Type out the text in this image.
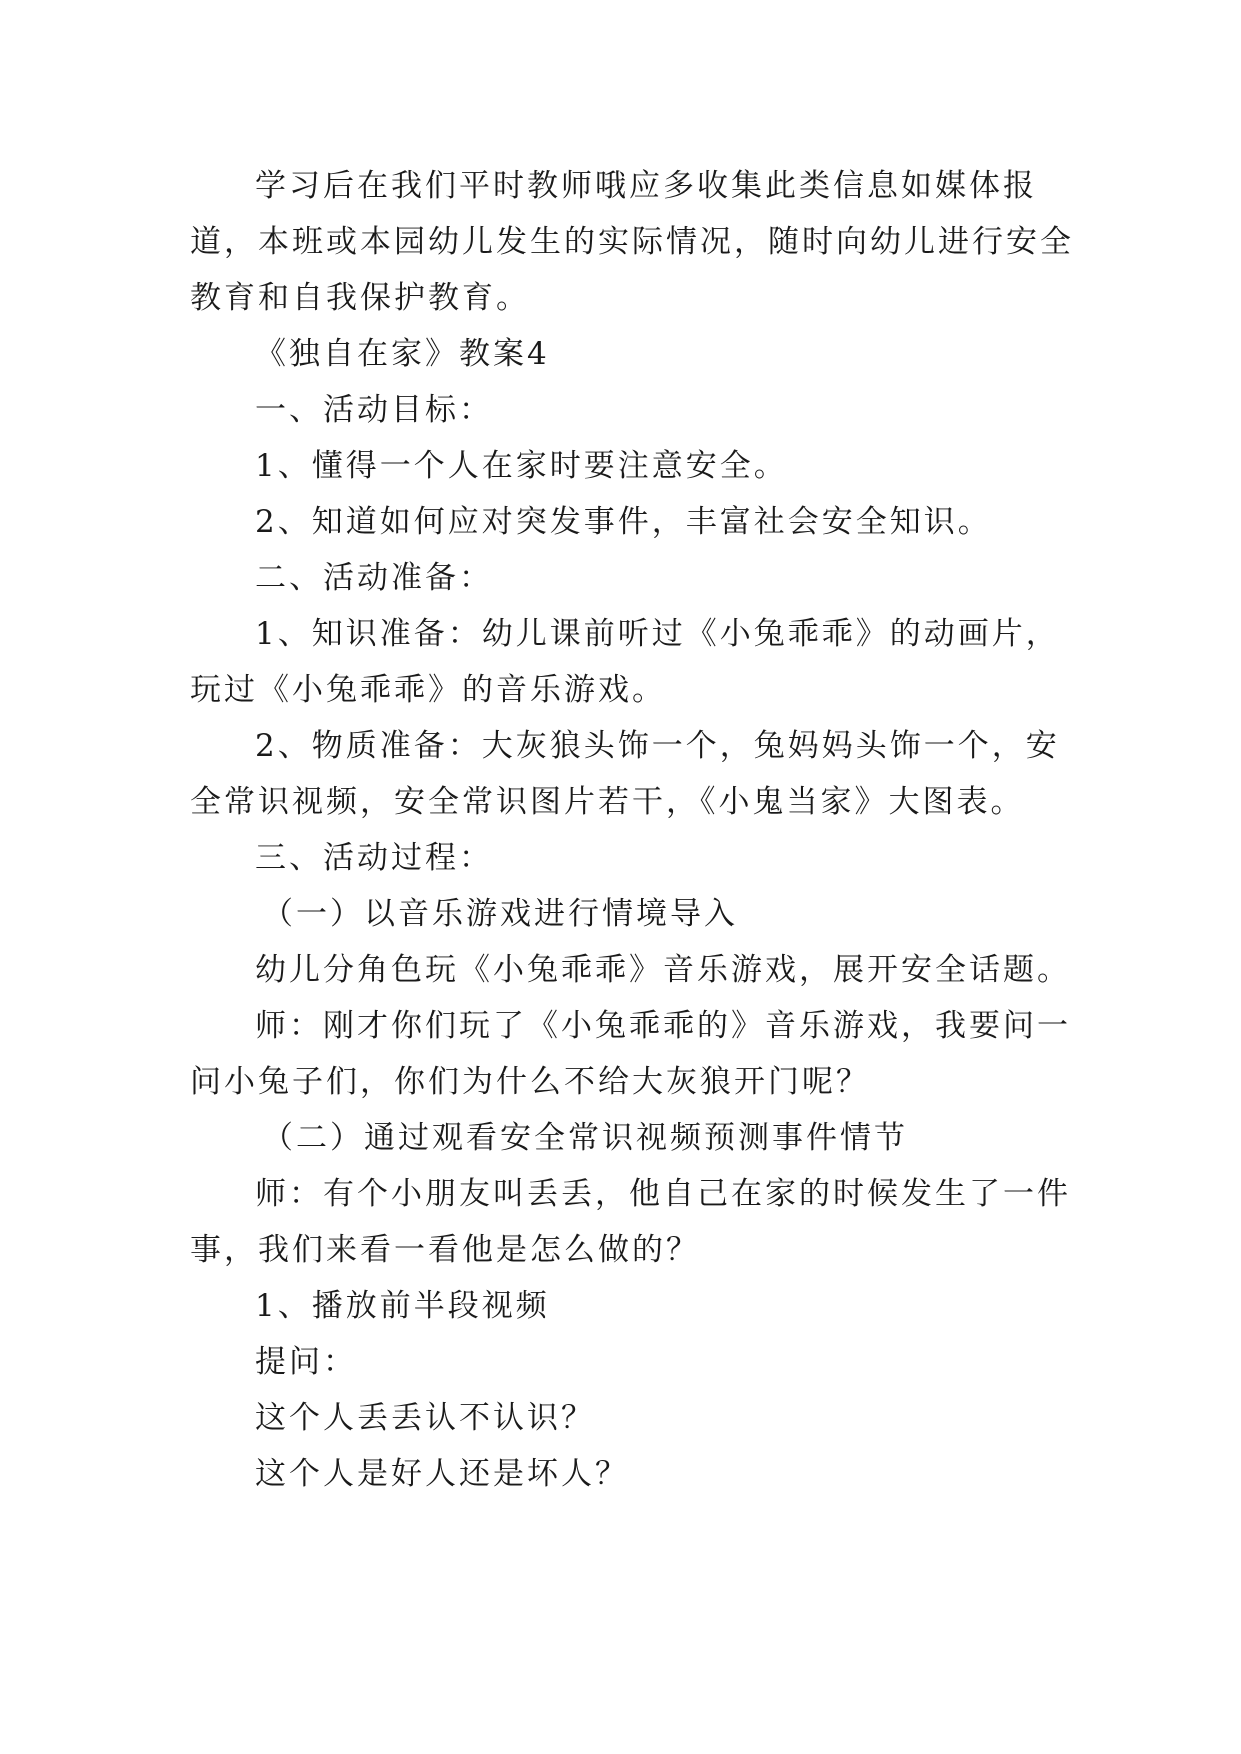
学习后在我们平时教师哦应多收集此类信息如媒体报
道，本班或本园幼儿发生的实际情况，随时向幼儿进行安全
教育和自我保护教育。
《独自在家》教案4
一、活动目标：
1、懂得一个人在家时要注意安全。
2、知道如何应对突发事件，丰富社会安全知识。
二、活动准备：
1、知识准备：幼儿课前听过《小兔乖乖》的动画片，
玩过《小兔乖乖》的音乐游戏。
2、物质准备：大灰狼头饰一个，兔妈妈头饰一个，安
全常识视频，安全常识图片若干，《小鬼当家》大图表。
三、活动过程：
（一）以音乐游戏进行情境导入
幼儿分角色玩《小兔乖乖》音乐游戏，展开安全话题。
师：刚才你们玩了《小兔乖乖的》音乐游戏，我要问一
问小兔子们，你们为什么不给大灰狼开门呢？
（二）通过观看安全常识视频预测事件情节
师：有个小朋友叫丢丢，他自己在家的时候发生了一件
事，我们来看一看他是怎么做的？
1、播放前半段视频
提问：
这个人丢丢认不认识？
这个人是好人还是坏人？
